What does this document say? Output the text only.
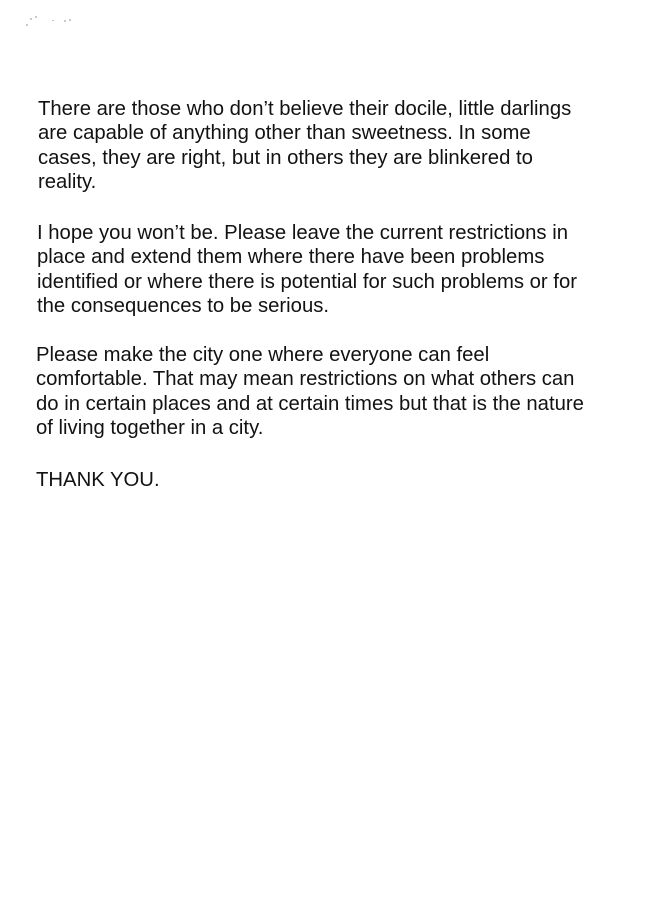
There are those who don’t believe their docile, little darlings
are capable of anything other than sweetness. In some
cases, they are right, but in others they are blinkered to
reality.

I hope you won’t be. Please leave the current restrictions in
place and extend them where there have been problems
identified or where there is potential for such problems or for
the consequences to be serious.

Please make the city one where everyone can feel
comfortable. That may mean restrictions on what others can
do in certain places and at certain times but that is the nature
of living together in a city.

THANK YOU.
